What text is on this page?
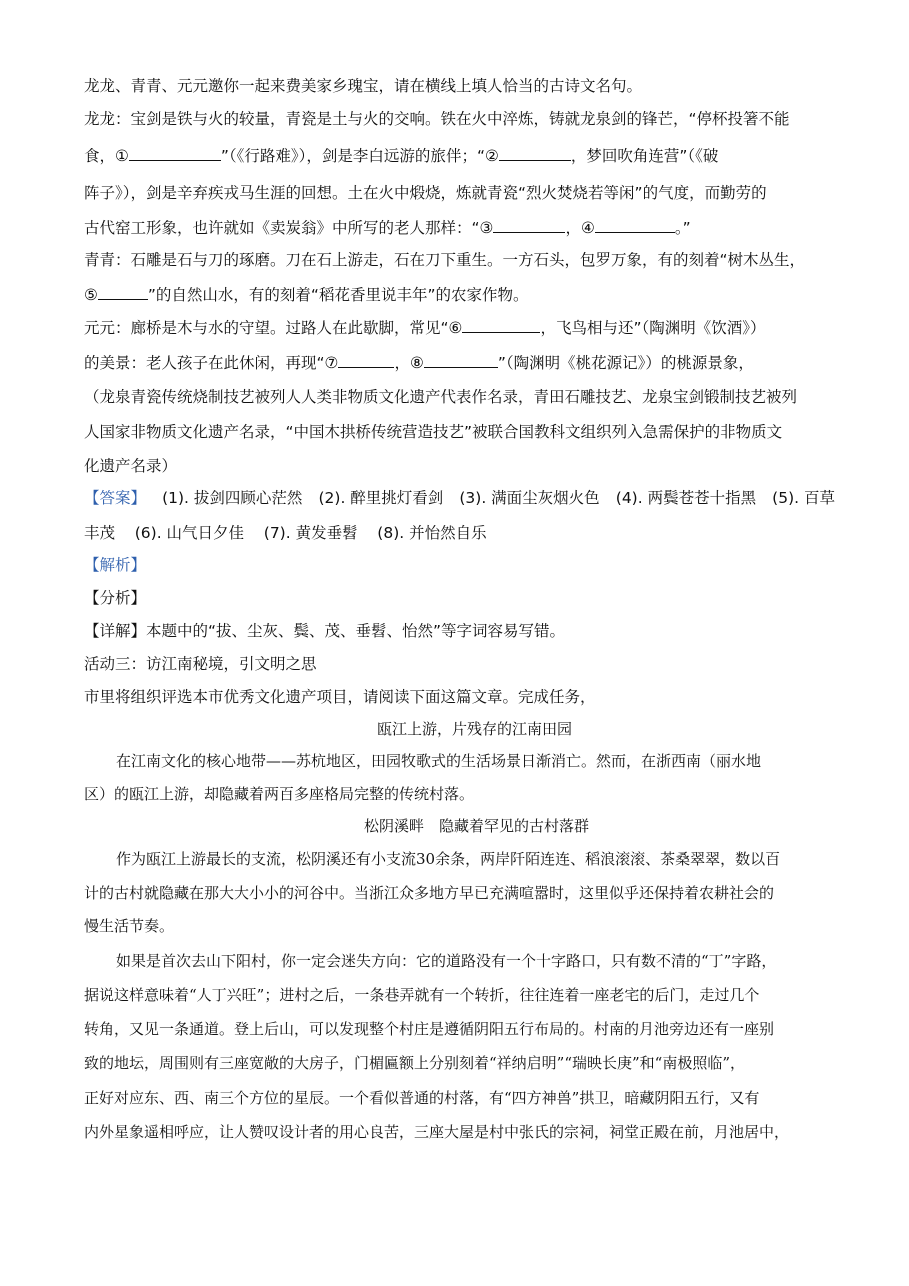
龙龙、青青、元元邀你一起来费美家乡瑰宝，请在横线上填人恰当的古诗文名句。
龙龙：宝剑是铁与火的较量，青瓷是土与火的交响。铁在火中淬炼，铸就龙泉剑的锋芒，“停杯投箸不能
食，①	”（《行路难》），剑是李白远游的旅伴；“②	，梦回吹角连营”（《破
阵子》），剑是辛弃疾戎马生涯的回想。土在火中煅烧，炼就青瓷“烈火焚烧若等闲”的气度，而勤劳的
古代窑工形象，也许就如《卖炭翁》中所写的老人那样：“③	，④	。”
青青：石雕是石与刀的琢磨。刀在石上游走，石在刀下重生。一方石头，包罗万象，有的刻着“树木丛生，
⑤	”的自然山水，有的刻着“稻花香里说丰年”的农家作物。
元元：廊桥是木与水的守望。过路人在此歇脚，常见“⑥	，飞鸟相与还”（陶渊明《饮酒》）
的美景：老人孩子在此休闲，再现“⑦	，⑧	”（陶渊明《桃花源记》）的桃源景象，
（龙泉青瓷传统烧制技艺被列人人类非物质文化遗产代表作名录，青田石雕技艺、龙泉宝剑锻制技艺被列
人国家非物质文化遗产名录，“中国木拱桥传统营造技艺”被联合国教科文组织列入急需保护的非物质文
化遗产名录）
【答案】 (1). 拔剑四顾心茫然 (2). 醉里挑灯看剑 (3). 满面尘灰烟火色 (4). 两鬓苍苍十指黑 (5). 百草
丰茂 (6). 山气日夕佳 (7). 黄发垂髫 (8). 并怡然自乐
【解析】
【分析】
【详解】本题中的“拔、尘灰、鬓、茂、垂髫、怡然”等字词容易写错。
活动三：访江南秘境，引文明之思
市里将组织评选本市优秀文化遗产项目，请阅读下面这篇文章。完成任务，
瓯江上游，片残存的江南田园
在江南文化的核心地带——苏杭地区，田园牧歌式的生活场景日渐消亡。然而，在浙西南（丽水地
区）的瓯江上游，却隐藏着两百多座格局完整的传统村落。
松阴溪畔　隐藏着罕见的古村落群
作为瓯江上游最长的支流，松阴溪还有小支流30余条，两岸阡陌连连、稻浪滚滚、茶桑翠翠，数以百
计的古村就隐藏在那大大小小的河谷中。当浙江众多地方早已充满喧嚣时，这里似乎还保持着农耕社会的
慢生活节奏。
如果是首次去山下阳村，你一定会迷失方向：它的道路没有一个十字路口，只有数不清的“丁”字路，
据说这样意味着“人丁兴旺”；进村之后，一条巷弄就有一个转折，往往连着一座老宅的后门，走过几个
转角，又见一条通道。登上后山，可以发现整个村庄是遵循阴阳五行布局的。村南的月池旁边还有一座别
致的地坛，周围则有三座宽敞的大房子，门楣匾额上分别刻着“祥纳启明”“瑞映长庚”和“南极照临”，
正好对应东、西、南三个方位的星辰。一个看似普通的村落，有“四方神兽”拱卫，暗藏阴阳五行，又有
内外星象遥相呼应，让人赞叹设计者的用心良苦，三座大屋是村中张氏的宗祠，祠堂正殿在前，月池居中，
